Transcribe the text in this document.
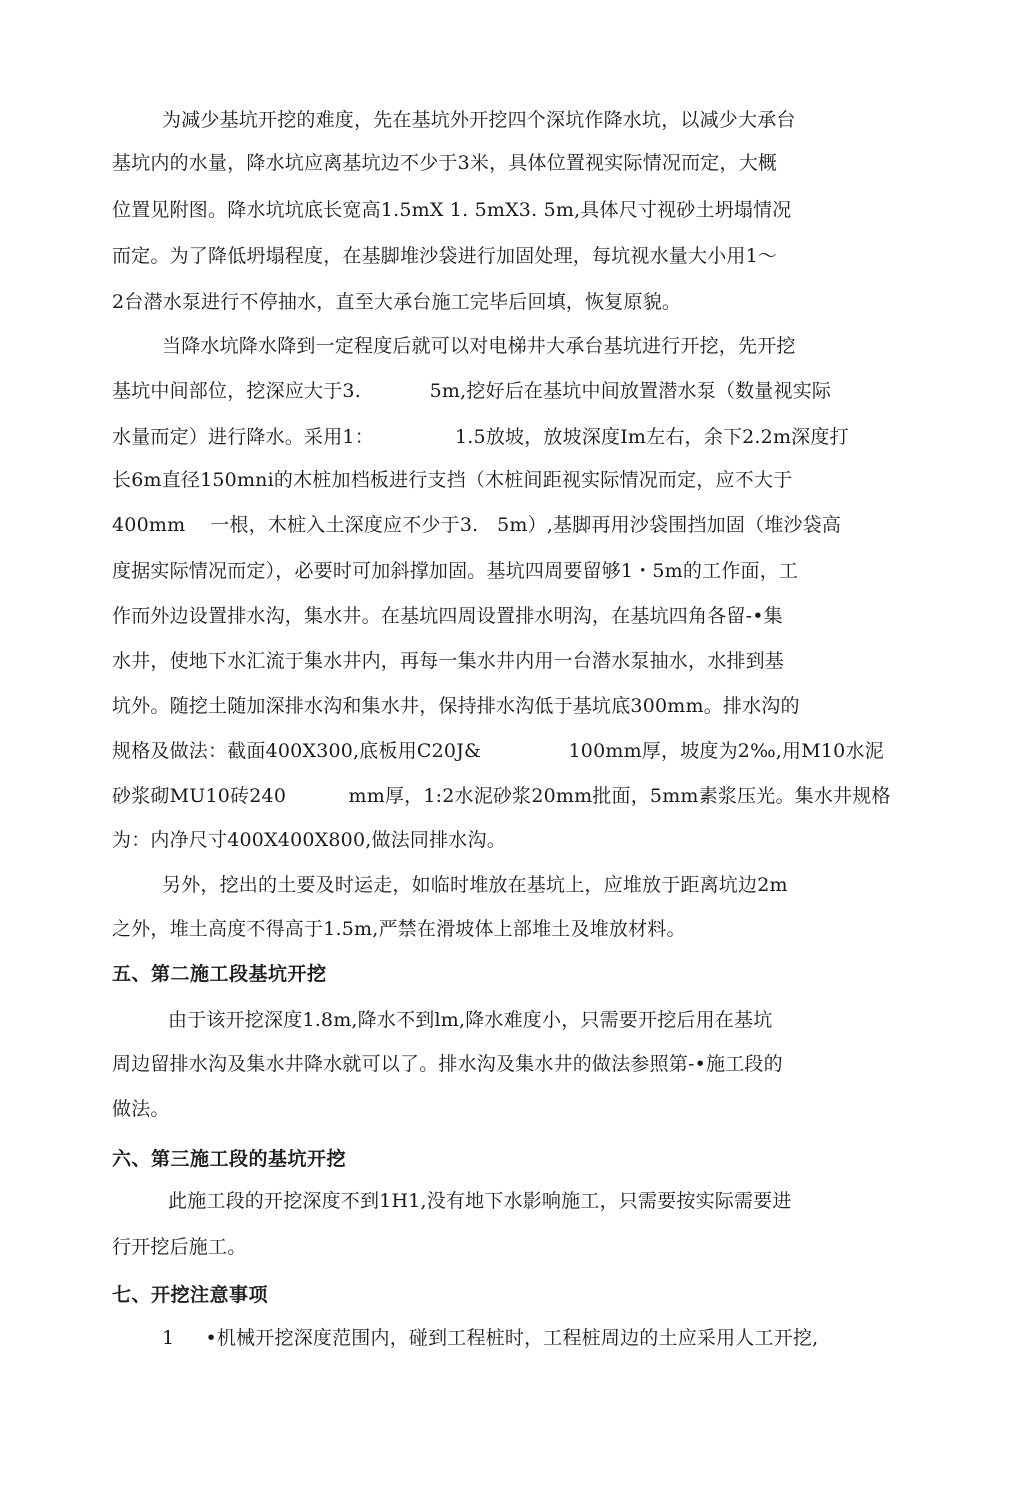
为减少基坑开挖的难度，先在基坑外开挖四个深坑作降水坑，以减少大承台
基坑内的水量，降水坑应离基坑边不少于3米，具体位置视实际情况而定，大概
位置见附图。降水坑坑底长宽高1.5mX 1. 5mX3. 5m,具体尺寸视砂土坍塌情况
而定。为了降低坍塌程度，在基脚堆沙袋进行加固处理，每坑视水量大小用1〜
2台潜水泵进行不停抽水，直至大承台施工完毕后回填，恢复原貌。
当降水坑降水降到一定程度后就可以对电梯井大承台基坑进行开挖，先开挖
基坑中间部位，挖深应大于3.           5m,挖好后在基坑中间放置潜水泵（数量视实际
水量而定）进行降水。采用1：             1.5放坡，放坡深度Im左右，余下2.2m深度打
长6m直径150mni的木桩加档板进行支挡（木桩间距视实际情况而定，应不大于
400mm    一根，木桩入土深度应不少于3.   5m）,基脚再用沙袋围挡加固（堆沙袋高
度据实际情况而定），必要时可加斜撑加固。基坑四周要留够1・5m的工作面，工
作而外边设置排水沟，集水井。在基坑四周设置排水明沟，在基坑四角各留-•集
水井，使地下水汇流于集水井内，再每一集水井内用一台潜水泵抽水，水排到基
坑外。随挖土随加深排水沟和集水井，保持排水沟低于基坑底300mm。排水沟的
规格及做法：截面400X300,底板用C20J&              100mm厚，坡度为2‰,用M10水泥
砂浆砌MU10砖240          mm厚，1:2水泥砂浆20mm批面，5mm素浆压光。集水井规格
为：内净尺寸400X400X800,做法同排水沟。
另外，挖出的土要及时运走，如临时堆放在基坑上，应堆放于距离坑边2m
之外，堆土高度不得高于1.5m,严禁在滑坡体上部堆土及堆放材料。
五、第二施工段基坑开挖
由于该开挖深度1.8m,降水不到lm,降水难度小，只需要开挖后用在基坑
周边留排水沟及集水井降水就可以了。排水沟及集水井的做法参照第-•施工段的
做法。
六、第三施工段的基坑开挖
此施工段的开挖深度不到1H1,没有地下水影响施工，只需要按实际需要进
行开挖后施工。
七、开挖注意事项
1     •机械开挖深度范围内，碰到工程桩时，工程桩周边的土应采用人工开挖,
